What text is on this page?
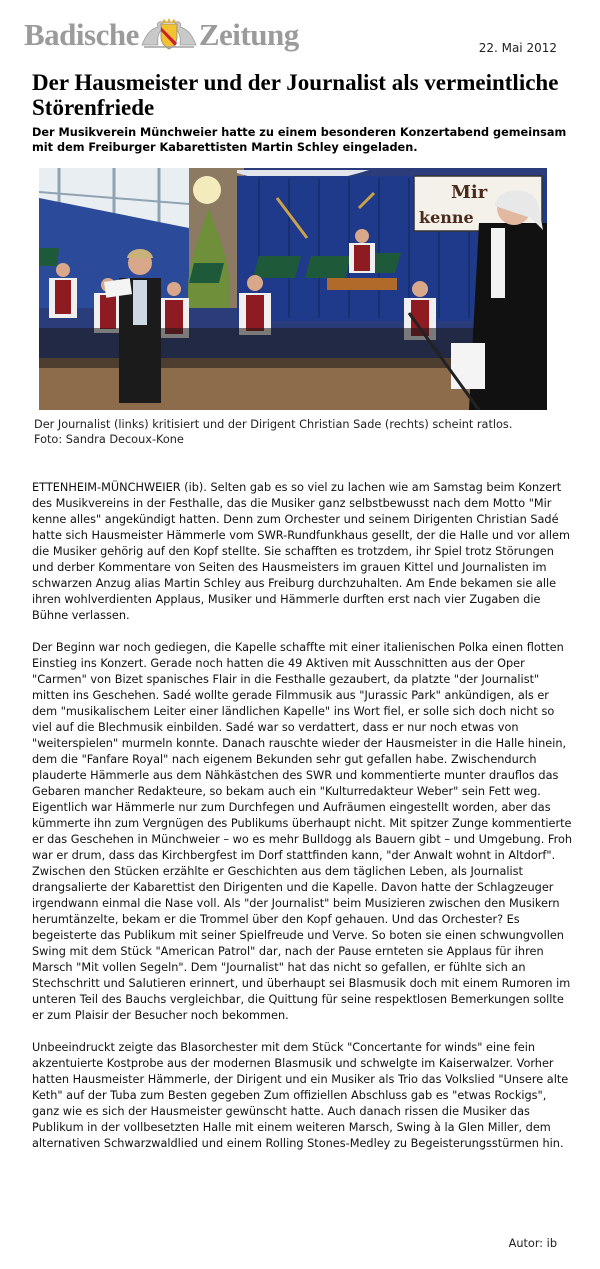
Badische Zeitung	22. Mai 2012
Der Hausmeister und der Journalist als vermeintliche Störenfriede

Der Musikverein Münchweier hatte zu einem besonderen Konzertabend gemeinsam mit dem Freiburger Kabarettisten Martin Schley eingeladen.

Mir
kenne
Der Journalist (links) kritisiert und der Dirigent Christian Sade (rechts) scheint ratlos.
Foto: Sandra Decoux-Kone

ETTENHEIM-MÜNCHWEIER (ib). Selten gab es so viel zu lachen wie am Samstag beim Konzert des Musikvereins in der Festhalle, das die Musiker ganz selbstbewusst nach dem Motto "Mir kenne alles" angekündigt hatten. Denn zum Orchester und seinem Dirigenten Christian Sadé hatte sich Hausmeister Hämmerle vom SWR-Rundfunkhaus gesellt, der die Halle und vor allem die Musiker gehörig auf den Kopf stellte. Sie schafften es trotzdem, ihr Spiel trotz Störungen und derber Kommentare von Seiten des Hausmeisters im grauen Kittel und Journalisten im schwarzen Anzug alias Martin Schley aus Freiburg durchzuhalten. Am Ende bekamen sie alle ihren wohlverdienten Applaus, Musiker und Hämmerle durften erst nach vier Zugaben die Bühne verlassen.

Der Beginn war noch gediegen, die Kapelle schaffte mit einer italienischen Polka einen flotten Einstieg ins Konzert. Gerade noch hatten die 49 Aktiven mit Ausschnitten aus der Oper "Carmen" von Bizet spanisches Flair in die Festhalle gezaubert, da platzte "der Journalist" mitten ins Geschehen. Sadé wollte gerade Filmmusik aus "Jurassic Park" ankündigen, als er dem "musikalischem Leiter einer ländlichen Kapelle" ins Wort fiel, er solle sich doch nicht so viel auf die Blechmusik einbilden. Sadé war so verdattert, dass er nur noch etwas von "weiterspielen" murmeln konnte. Danach rauschte wieder der Hausmeister in die Halle hinein, dem die "Fanfare Royal" nach eigenem Bekunden sehr gut gefallen habe. Zwischendurch plauderte Hämmerle aus dem Nähkästchen des SWR und kommentierte munter drauflos das Gebaren mancher Redakteure, so bekam auch ein "Kulturredakteur Weber" sein Fett weg. Eigentlich war Hämmerle nur zum Durchfegen und Aufräumen eingestellt worden, aber das kümmerte ihn zum Vergnügen des Publikums überhaupt nicht. Mit spitzer Zunge kommentierte er das Geschehen in Münchweier – wo es mehr Bulldogg als Bauern gibt – und Umgebung. Froh war er drum, dass das Kirchbergfest im Dorf stattfinden kann, "der Anwalt wohnt in Altdorf". Zwischen den Stücken erzählte er Geschichten aus dem täglichen Leben, als Journalist drangsalierte der Kabarettist den Dirigenten und die Kapelle. Davon hatte der Schlagzeuger irgendwann einmal die Nase voll. Als "der Journalist" beim Musizieren zwischen den Musikern herumtänzelte, bekam er die Trommel über den Kopf gehauen. Und das Orchester? Es begeisterte das Publikum mit seiner Spielfreude und Verve. So boten sie einen schwungvollen Swing mit dem Stück "American Patrol" dar, nach der Pause ernteten sie Applaus für ihren Marsch "Mit vollen Segeln". Dem "Journalist" hat das nicht so gefallen, er fühlte sich an Stechschritt und Salutieren erinnert, und überhaupt sei Blasmusik doch mit einem Rumoren im unteren Teil des Bauchs vergleichbar, die Quittung für seine respektlosen Bemerkungen sollte er zum Plaisir der Besucher noch bekommen.

Unbeeindruckt zeigte das Blasorchester mit dem Stück "Concertante for winds" eine fein akzentuierte Kostprobe aus der modernen Blasmusik und schwelgte im Kaiserwalzer. Vorher hatten Hausmeister Hämmerle, der Dirigent und ein Musiker als Trio das Volkslied "Unsere alte Keth" auf der Tuba zum Besten gegeben Zum offiziellen Abschluss gab es "etwas Rockigs", ganz wie es sich der Hausmeister gewünscht hatte. Auch danach rissen die Musiker das Publikum in der vollbesetzten Halle mit einem weiteren Marsch, Swing à la Glen Miller, dem alternativen Schwarzwaldlied und einem Rolling Stones-Medley zu Begeisterungsstürmen hin.

Autor: ib
